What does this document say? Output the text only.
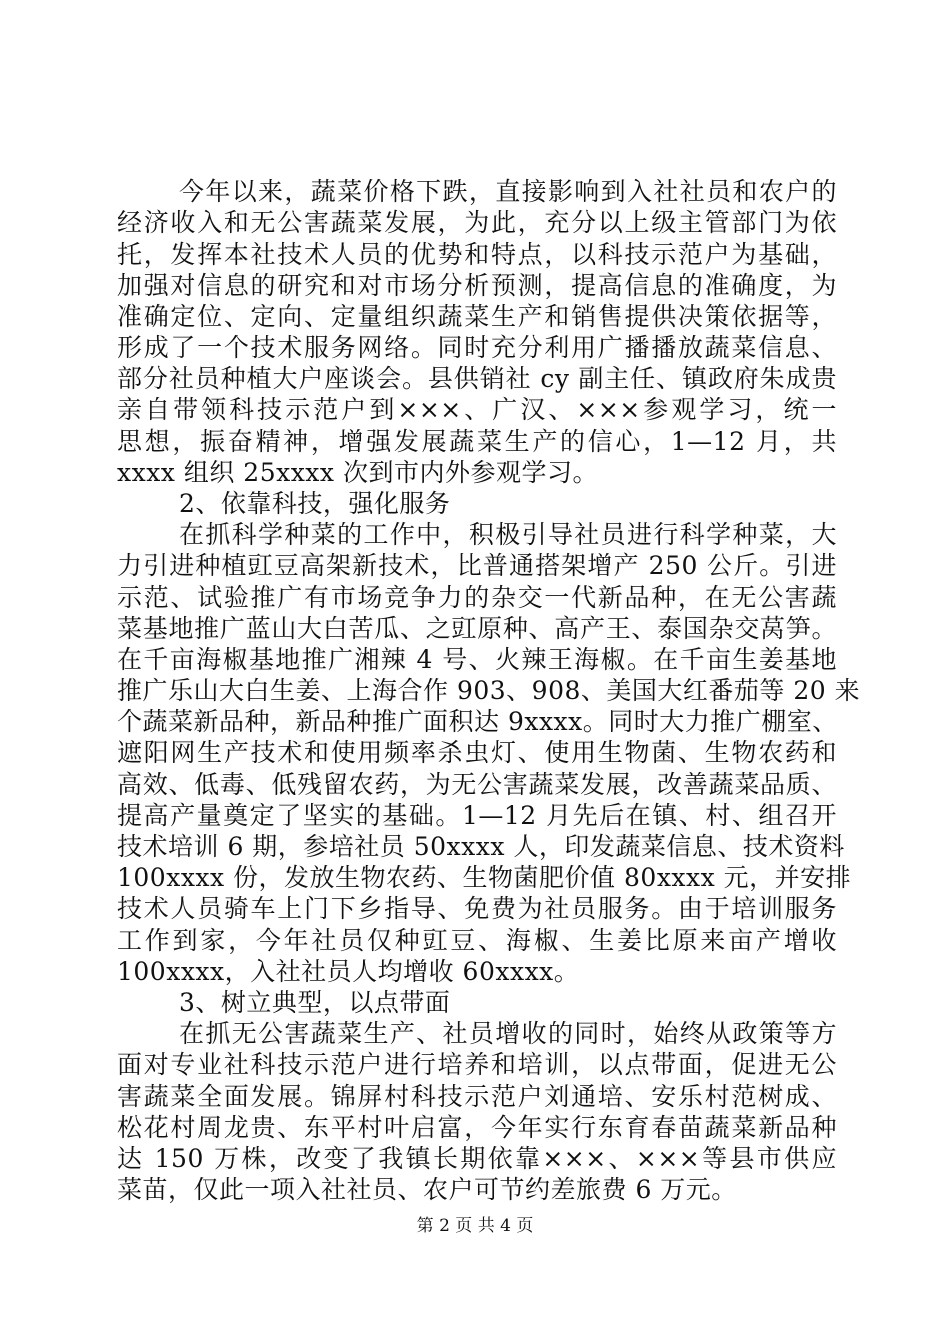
今年以来，蔬菜价格下跌，直接影响到入社社员和农户的
经济收入和无公害蔬菜发展，为此，充分以上级主管部门为依
托，发挥本社技术人员的优势和特点，以科技示范户为基础，
加强对信息的研究和对市场分析预测，提高信息的准确度，为
准确定位、定向、定量组织蔬菜生产和销售提供决策依据等，
形成了一个技术服务网络。同时充分利用广播播放蔬菜信息、
部分社员种植大户座谈会。县供销社 cy 副主任、镇政府朱成贵
亲自带领科技示范户到×××、广汉、×××参观学习，统一
思想，振奋精神，增强发展蔬菜生产的信心，1—12 月，共
xxxx 组织 25xxxx 次到市内外参观学习。
2、依靠科技，强化服务
在抓科学种菜的工作中，积极引导社员进行科学种菜，大
力引进种植豇豆高架新技术，比普通搭架增产 250 公斤。引进
示范、试验推广有市场竞争力的杂交一代新品种，在无公害蔬
菜基地推广蓝山大白苦瓜、之豇原种、高产王、泰国杂交莴笋。
在千亩海椒基地推广湘辣 4 号、火辣王海椒。在千亩生姜基地
推广乐山大白生姜、上海合作 903、908、美国大红番茄等 20 来
个蔬菜新品种，新品种推广面积达 9xxxx。同时大力推广棚室、
遮阳网生产技术和使用频率杀虫灯、使用生物菌、生物农药和
高效、低毒、低残留农药，为无公害蔬菜发展，改善蔬菜品质、
提高产量奠定了坚实的基础。1—12 月先后在镇、村、组召开
技术培训 6 期，参培社员 50xxxx 人，印发蔬菜信息、技术资料
100xxxx 份，发放生物农药、生物菌肥价值 80xxxx 元，并安排
技术人员骑车上门下乡指导、免费为社员服务。由于培训服务
工作到家，今年社员仅种豇豆、海椒、生姜比原来亩产增收
100xxxx，入社社员人均增收 60xxxx。
3、树立典型，以点带面
在抓无公害蔬菜生产、社员增收的同时，始终从政策等方
面对专业社科技示范户进行培养和培训，以点带面，促进无公
害蔬菜全面发展。锦屏村科技示范户刘通培、安乐村范树成、
松花村周龙贵、东平村叶启富，今年实行东育春苗蔬菜新品种
达 150 万株，改变了我镇长期依靠×××、×××等县市供应
菜苗，仅此一项入社社员、农户可节约差旅费 6 万元。
第 2 页 共 4 页
